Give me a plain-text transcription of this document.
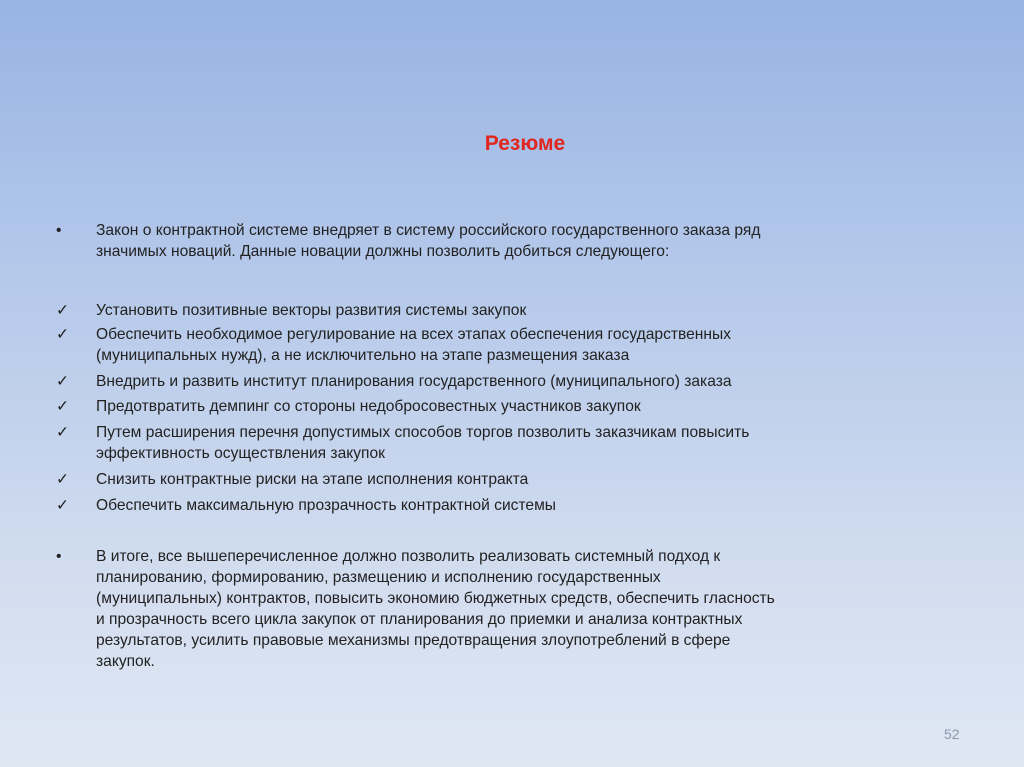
Резюме
•	Закон о контрактной системе внедряет в систему российского государственного заказа ряд
значимых новаций. Данные новации должны позволить добиться следующего:
✓	Установить позитивные векторы развития системы закупок
✓	Обеспечить необходимое регулирование на всех этапах обеспечения государственных
(муниципальных нужд), а не исключительно на этапе размещения заказа
✓	Внедрить и развить институт планирования государственного (муниципального) заказа
✓	Предотвратить демпинг со стороны недобросовестных участников закупок
✓	Путем расширения перечня допустимых способов торгов позволить заказчикам повысить
эффективность осуществления закупок
✓	Снизить контрактные риски на этапе исполнения контракта
✓	Обеспечить максимальную прозрачность контрактной системы
•	В итоге, все вышеперечисленное должно позволить реализовать системный подход к
планированию, формированию, размещению и исполнению государственных
(муниципальных) контрактов, повысить экономию бюджетных средств, обеспечить гласность
и прозрачность всего цикла закупок от планирования до приемки и анализа контрактных
результатов, усилить правовые механизмы предотвращения злоупотреблений в сфере
закупок.
52
